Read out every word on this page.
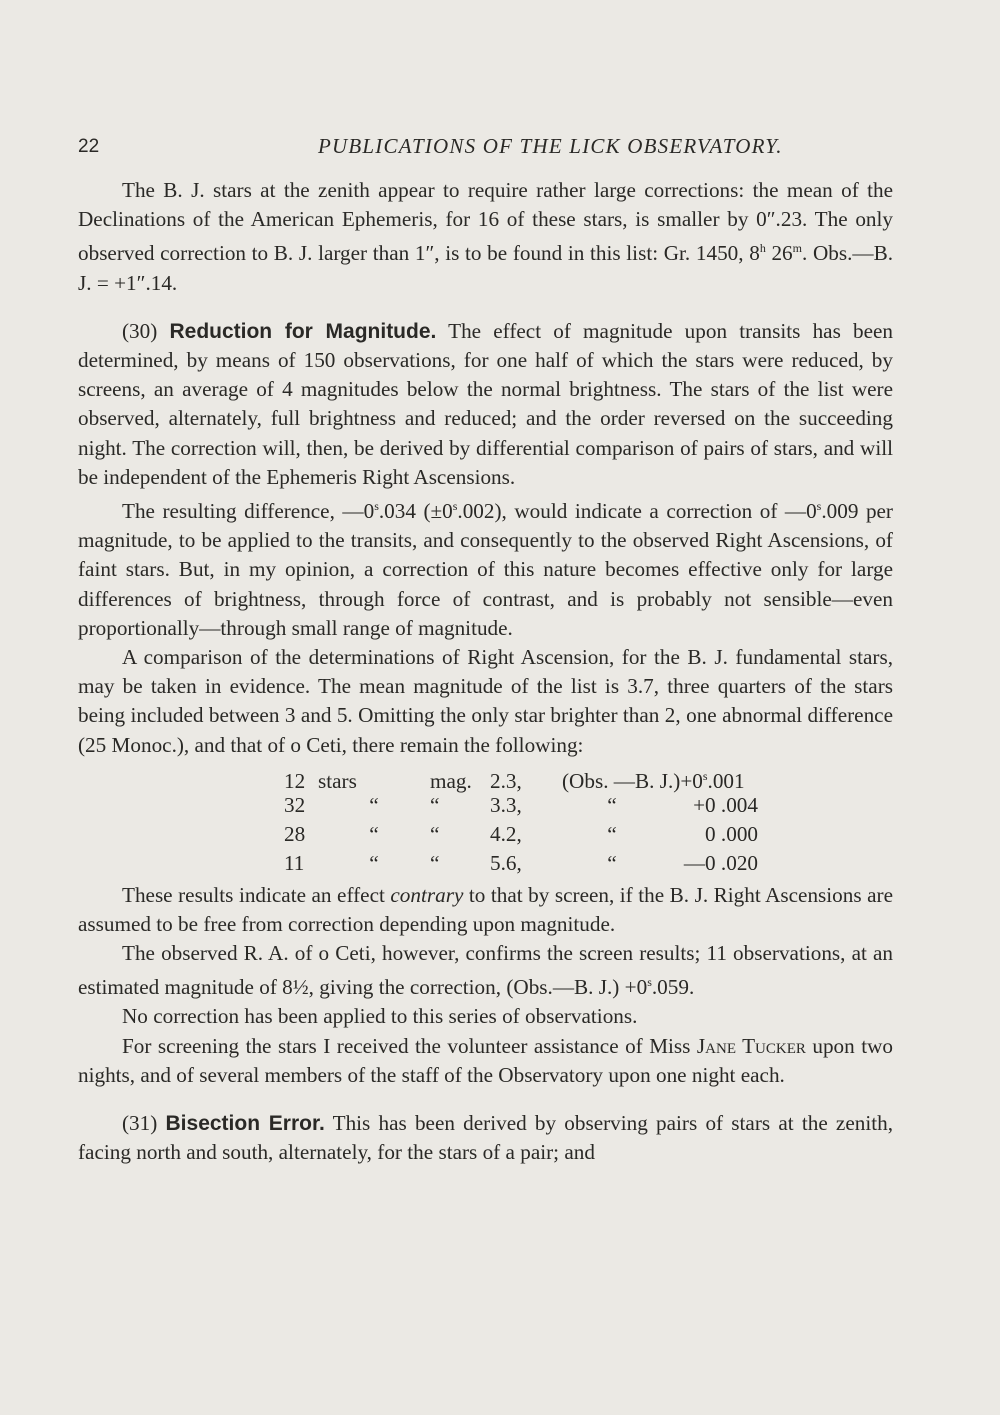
22	PUBLICATIONS OF THE LICK OBSERVATORY.

The B. J. stars at the zenith appear to require rather large corrections: the mean of the Declinations of the American Ephemeris, for 16 of these stars, is smaller by 0″.23. The only observed correction to B. J. larger than 1″, is to be found in this list: Gr. 1450, 8$^h$ 26$^m$. Obs.—B. J. = +1″.14.

(30) Reduction for Magnitude. The effect of magnitude upon transits has been determined, by means of 150 observations, for one half of which the stars were reduced, by screens, an average of 4 magnitudes below the normal brightness. The stars of the list were observed, alternately, full brightness and reduced; and the order reversed on the succeeding night. The correction will, then, be derived by differential comparison of pairs of stars, and will be independent of the Ephemeris Right Ascensions.

The resulting difference, —0$^s$.034 $(\pm 0^s.002)$, would indicate a correction of —0$^s$.009 per magnitude, to be applied to the transits, and consequently to the observed Right Ascensions, of faint stars. But, in my opinion, a correction of this nature becomes effective only for large differences of brightness, through force of contrast, and is probably not sensible—even proportionally—through small range of magnitude.

A comparison of the determinations of Right Ascension, for the B. J. fundamental stars, may be taken in evidence. The mean magnitude of the list is 3.7, three quarters of the stars being included between 3 and 5. Omitting the only star brighter than 2, one abnormal difference (25 Monoc.), and that of ο Ceti, there remain the following:

12 stars	mag. 2.3,	(Obs. —B. $J.) +0^s.001$
32	“	“	3.3,	“	+0 .004
28	“	“	4.2,	“	0 .000
11	“	“	5.6,	“	—0 .020

These results indicate an effect contrary to that by screen, if the B. J. Right Ascensions are assumed to be free from correction depending upon magnitude.

The observed R. A. of ο Ceti, however, confirms the screen results; 11 observations, at an estimated magnitude of 8½, giving the correction, (Obs.—B. $J.) +0^s.059$.

No correction has been applied to this series of observations.

For screening the stars I received the volunteer assistance of Miss Jane Tucker upon two nights, and of several members of the staff of the Observatory upon one night each.

(31) Bisection Error. This has been derived by observing pairs of stars at the zenith, facing north and south, alternately, for the stars of a pair; and
